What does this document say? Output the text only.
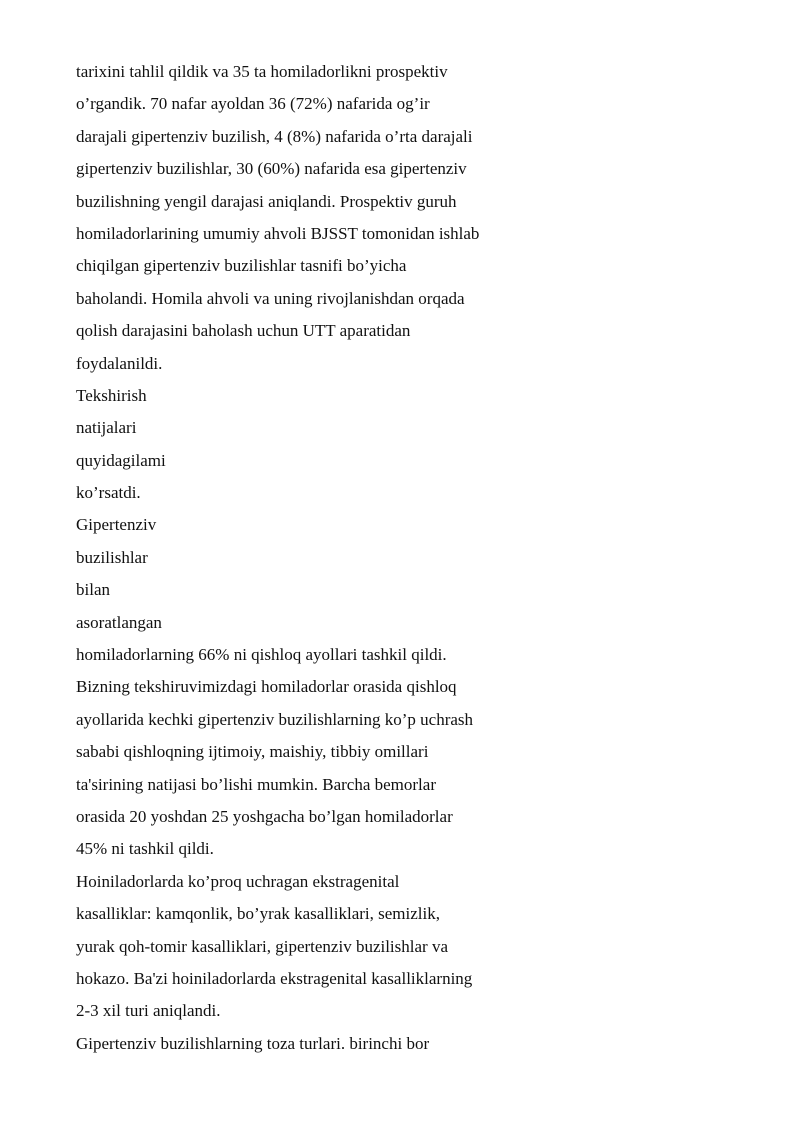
tarixini tahlil qildik va 35 ta homiladorlikni prospektiv
o’rgandik. 70 nafar ayoldan 36 (72%) nafarida og’ir
darajali gipertenziv buzilish, 4 (8%) nafarida o’rta darajali
gipertenziv buzilishlar, 30 (60%) nafarida esa gipertenziv
buzilishning yengil darajasi aniqlandi. Prospektiv guruh
homiladorlarining umumiy ahvoli BJSST tomonidan ishlab
chiqilgan gipertenziv buzilishlar tasnifi bo’yicha
baholandi. Homila ahvoli va uning rivojlanishdan orqada
qolish darajasini baholash uchun UTT aparatidan
foydalanildi.
Tekshirish
natijalari
quyidagilami
ko’rsatdi.
Gipertenziv
buzilishlar
bilan
asoratlangan
homiladorlarning 66% ni qishloq ayollari tashkil qildi.
Bizning tekshiruvimizdagi homiladorlar orasida qishloq
ayollarida kechki gipertenziv buzilishlarning ko’p uchrash
sababi qishloqning ijtimoiy, maishiy, tibbiy omillari
ta'sirining natijasi bo’lishi mumkin. Barcha bemorlar
orasida 20 yoshdan 25 yoshgacha bo’lgan homiladorlar
45% ni tashkil qildi.
Hoiniladorlarda ko’proq uchragan ekstragenital
kasalliklar: kamqonlik, bo’yrak kasalliklari, semizlik,
yurak qoh-tomir kasalliklari, gipertenziv buzilishlar va
hokazo. Ba'zi hoiniladorlarda ekstragenital kasalliklarning
2-3 xil turi aniqlandi.
Gipertenziv buzilishlarning toza turlari. birinchi bor
